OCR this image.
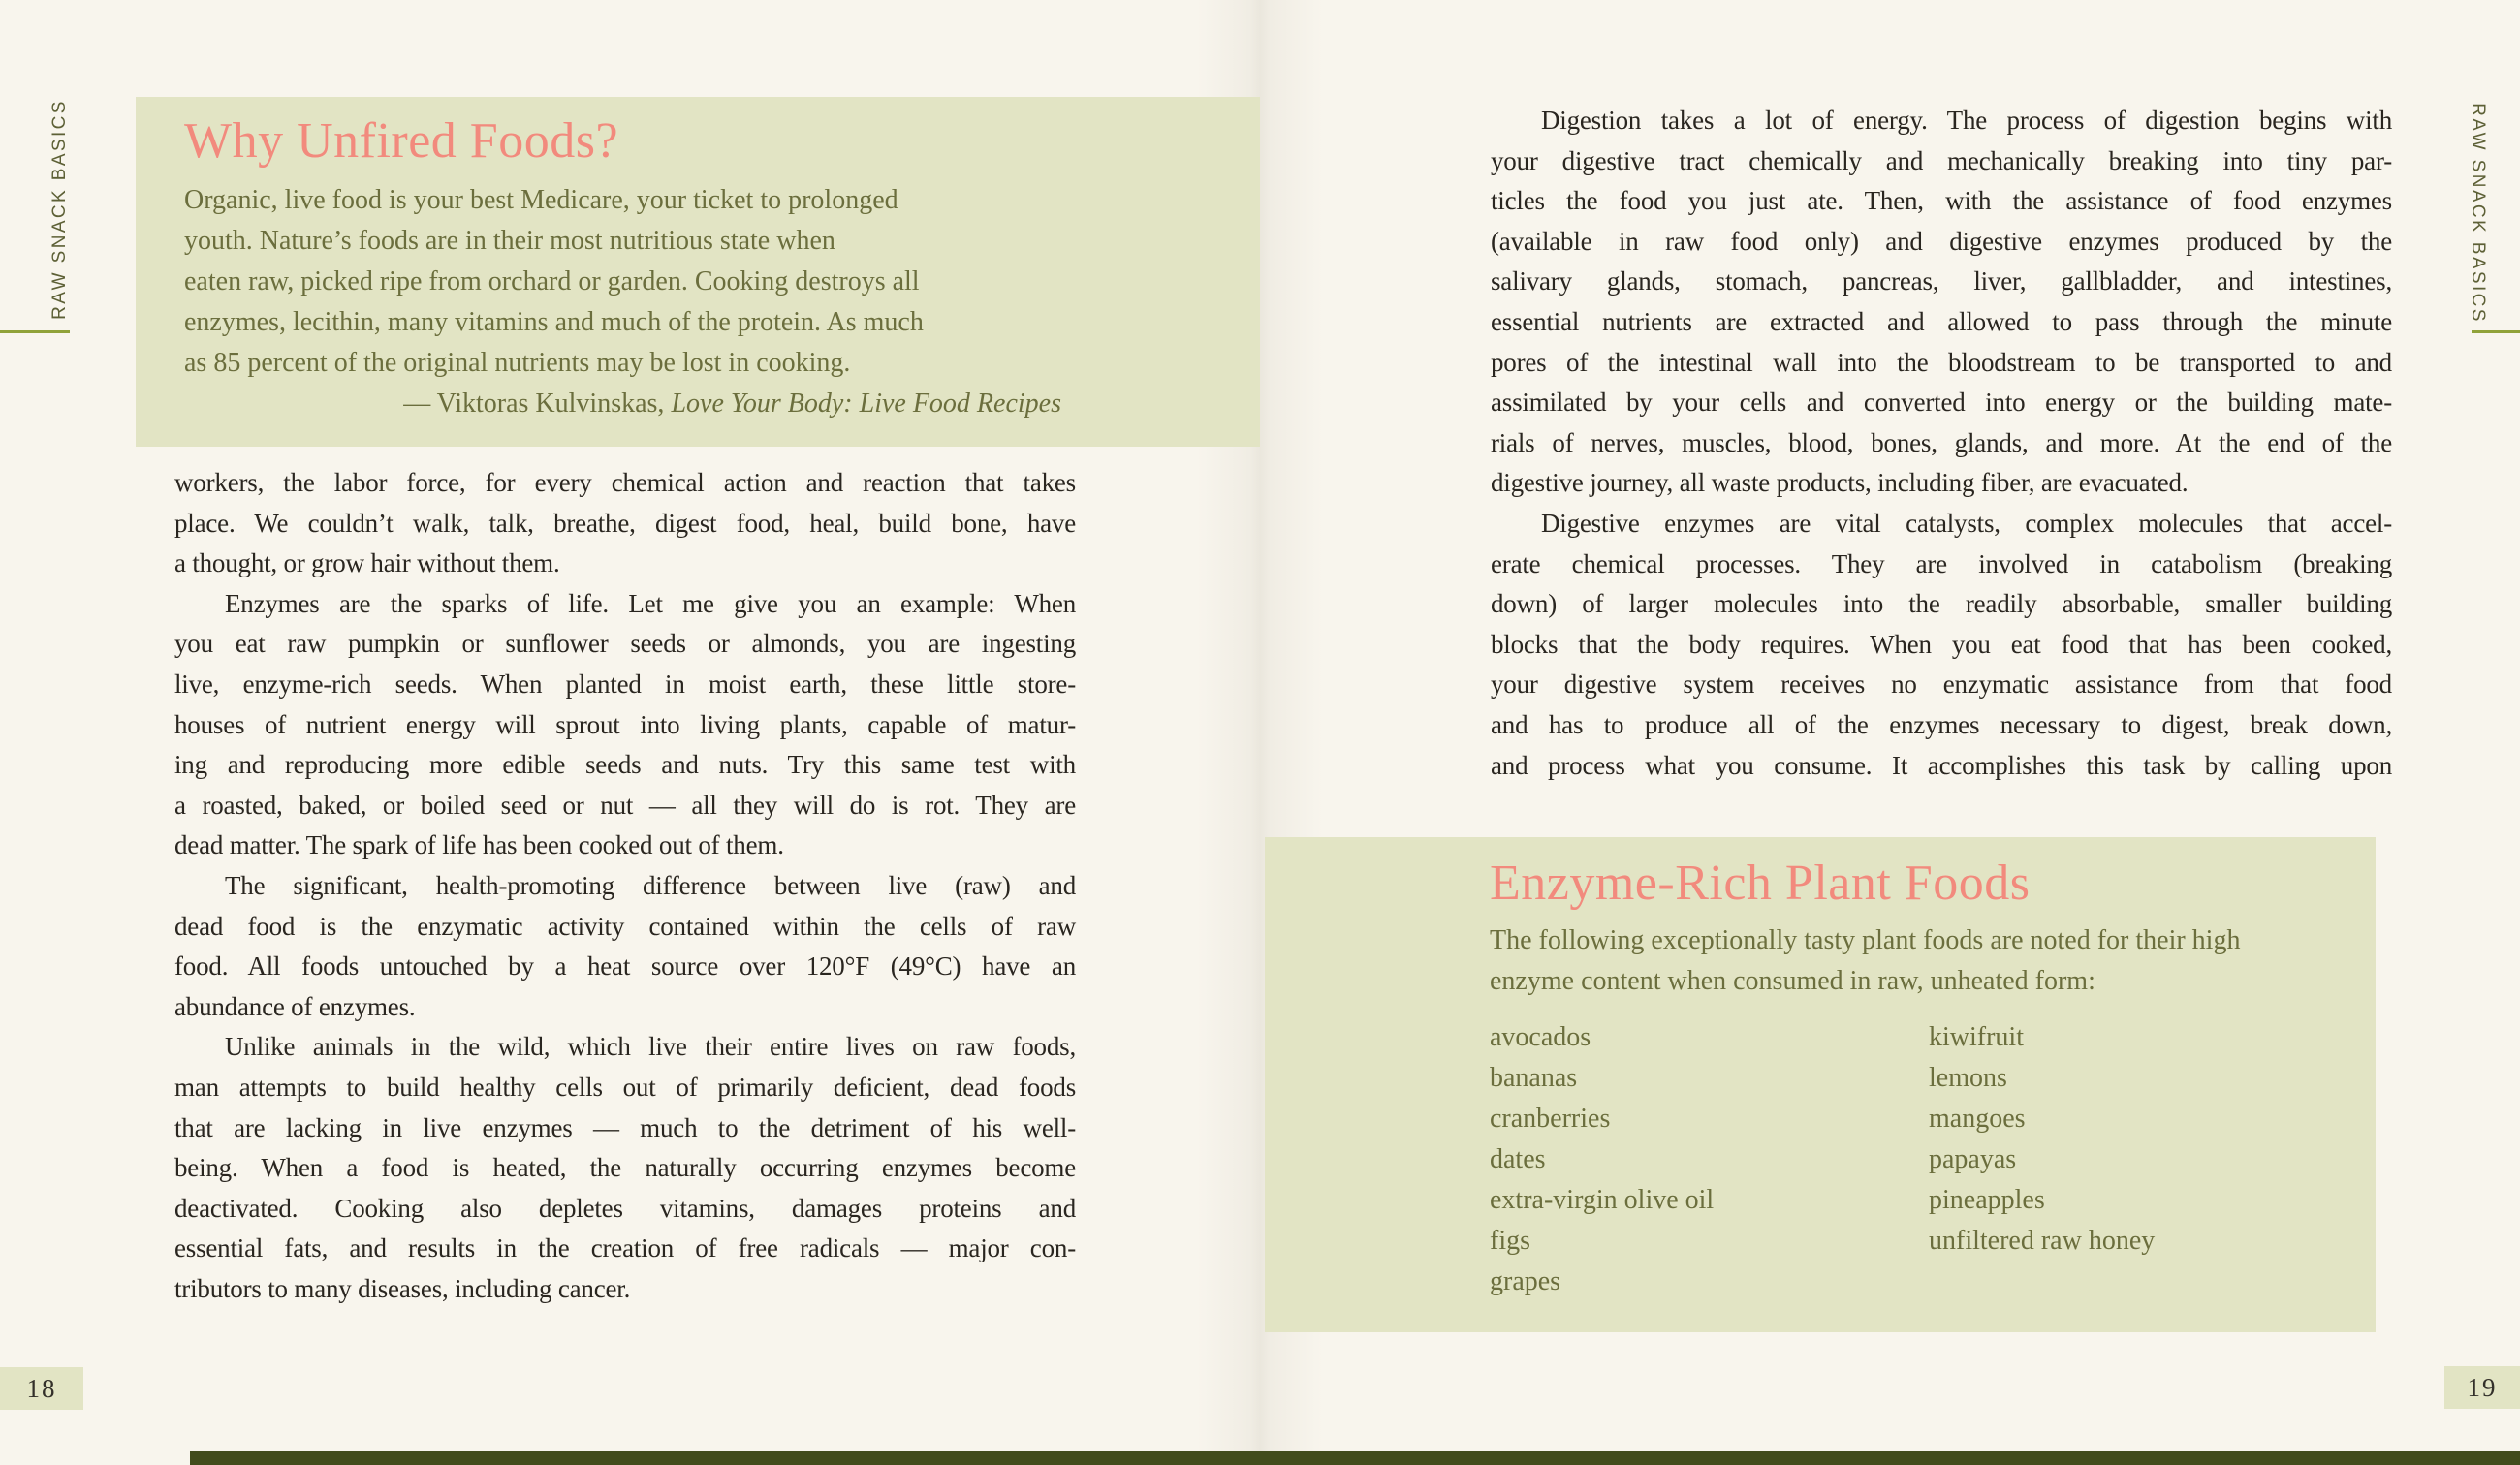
RAW SNACK BASICS Why Unfired Foods?
Organic, live food is your best Medicare, your ticket to prolonged
youth. Nature’s foods are in their most nutritious state when
eaten raw, picked ripe from orchard or garden. Cooking destroys all
enzymes, lecithin, many vitamins and much of the protein. As much
as 85 percent of the original nutrients may be lost in cooking.
— Viktoras Kulvinskas, Love Your Body: Live Food Recipes
workers, the labor force, for every chemical action and reaction that takes
place. We couldn’t walk, talk, breathe, digest food, heal, build bone, have
a thought, or grow hair without them.
Enzymes are the sparks of life. Let me give you an example: When
you eat raw pumpkin or sunflower seeds or almonds, you are ingesting
live, enzyme-rich seeds. When planted in moist earth, these little store-
houses of nutrient energy will sprout into living plants, capable of matur-
ing and reproducing more edible seeds and nuts. Try this same test with
a roasted, baked, or boiled seed or nut — all they will do is rot. They are
dead matter. The spark of life has been cooked out of them.
The significant, health-promoting difference between live (raw) and
dead food is the enzymatic activity contained within the cells of raw
food. All foods untouched by a heat source over 120°F (49°C) have an
abundance of enzymes.
Unlike animals in the wild, which live their entire lives on raw foods,
man attempts to build healthy cells out of primarily deficient, dead foods
that are lacking in live enzymes — much to the detriment of his well-
being. When a food is heated, the naturally occurring enzymes become
deactivated. Cooking also depletes vitamins, damages proteins and
essential fats, and results in the creation of free radicals — major con-
tributors to many diseases, including cancer.
Digestion takes a lot of energy. The process of digestion begins with
your digestive tract chemically and mechanically breaking into tiny par-
ticles the food you just ate. Then, with the assistance of food enzymes
(available in raw food only) and digestive enzymes produced by the
salivary glands, stomach, pancreas, liver, gallbladder, and intestines,
essential nutrients are extracted and allowed to pass through the minute
pores of the intestinal wall into the bloodstream to be transported to and
assimilated by your cells and converted into energy or the building mate-
rials of nerves, muscles, blood, bones, glands, and more. At the end of the
digestive journey, all waste products, including fiber, are evacuated.
Digestive enzymes are vital catalysts, complex molecules that accel-
erate chemical processes. They are involved in catabolism (breaking
down) of larger molecules into the readily absorbable, smaller building
blocks that the body requires. When you eat food that has been cooked,
your digestive system receives no enzymatic assistance from that food
and has to produce all of the enzymes necessary to digest, break down,
and process what you consume. It accomplishes this task by calling upon
Enzyme-Rich Plant Foods
The following exceptionally tasty plant foods are noted for their high
enzyme content when consumed in raw, unheated form:
avocados
bananas
cranberries
dates
extra-virgin olive oil
figs
grapes
kiwifruit
lemons
mangoes
papayas
pineapples
unfiltered raw honey
RAW SNACK BASICS
18	19
